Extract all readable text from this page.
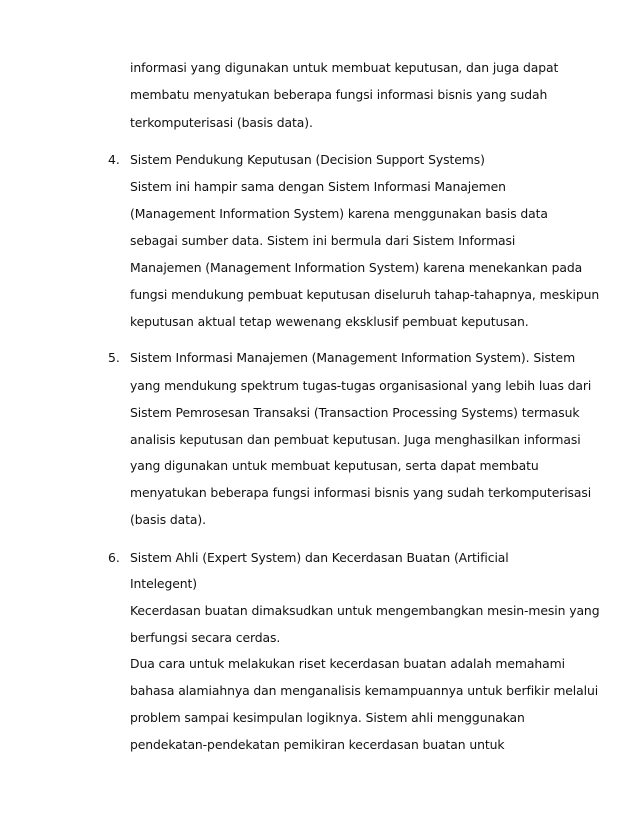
informasi yang digunakan untuk membuat keputusan, dan juga dapat
membatu menyatukan beberapa fungsi informasi bisnis yang sudah
terkomputerisasi (basis data).
4. Sistem Pendukung Keputusan (Decision Support Systems)
Sistem ini hampir sama dengan Sistem Informasi Manajemen
(Management Information System) karena menggunakan basis data
sebagai sumber data. Sistem ini bermula dari Sistem Informasi
Manajemen (Management Information System) karena menekankan pada
fungsi mendukung pembuat keputusan diseluruh tahap-tahapnya, meskipun
keputusan aktual tetap wewenang eksklusif pembuat keputusan.
5. Sistem Informasi Manajemen (Management Information System). Sistem
yang mendukung spektrum tugas-tugas organisasional yang lebih luas dari
Sistem Pemrosesan Transaksi (Transaction Processing Systems) termasuk
analisis keputusan dan pembuat keputusan. Juga menghasilkan informasi
yang digunakan untuk membuat keputusan, serta dapat membatu
menyatukan beberapa fungsi informasi bisnis yang sudah terkomputerisasi
(basis data).
6. Sistem Ahli (Expert System) dan Kecerdasan Buatan (Artificial
Intelegent)
Kecerdasan buatan dimaksudkan untuk mengembangkan mesin-mesin yang
berfungsi secara cerdas.
Dua cara untuk melakukan riset kecerdasan buatan adalah memahami
bahasa alamiahnya dan menganalisis kemampuannya untuk berfikir melalui
problem sampai kesimpulan logiknya. Sistem ahli menggunakan
pendekatan-pendekatan pemikiran kecerdasan buatan untuk
